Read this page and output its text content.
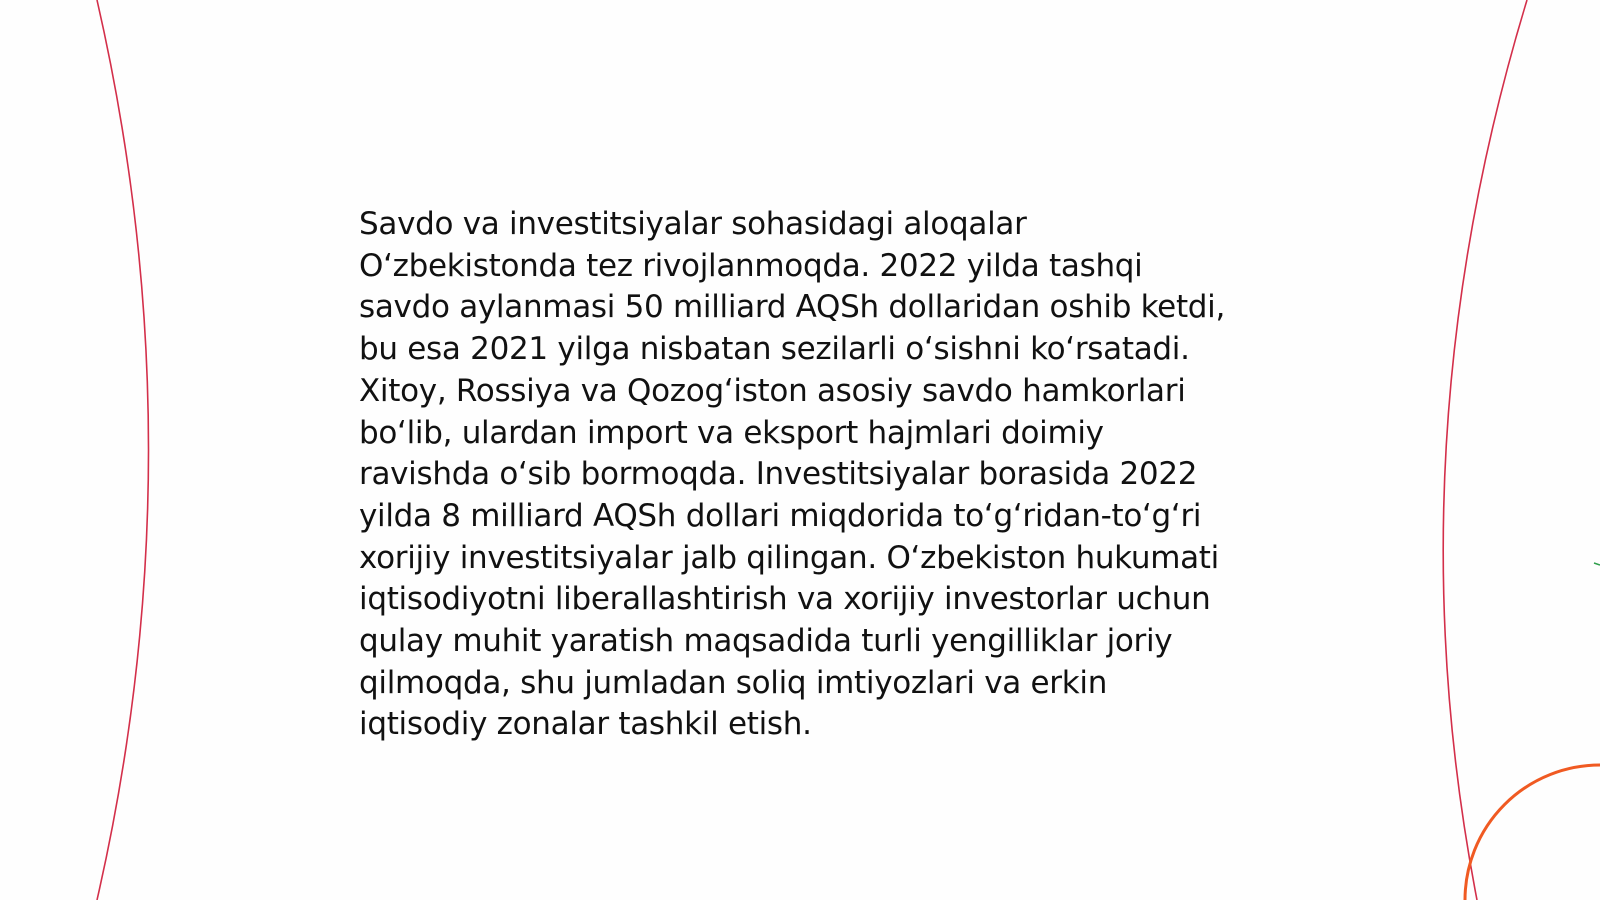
Savdo va investitsiyalar sohasidagi aloqalar O‘zbekistonda tez rivojlanmoqda. 2022 yilda tashqi savdo aylanmasi 50 milliard AQSh dollaridan oshib ketdi, bu esa 2021 yilga nisbatan sezilarli o‘sishni ko‘rsatadi. Xitoy, Rossiya va Qozog‘iston asosiy savdo hamkorlari bo‘lib, ulardan import va eksport hajmlari doimiy ravishda o‘sib bormoqda. Investitsiyalar borasida 2022 yilda 8 milliard AQSh dollari miqdorida to‘g‘ridan-to‘g‘ri xorijiy investitsiyalar jalb qilingan. O‘zbekiston hukumati iqtisodiyotni liberallashtirish va xorijiy investorlar uchun qulay muhit yaratish maqsadida turli yengilliklar joriy qilmoqda, shu jumladan soliq imtiyozlari va erkin iqtisodiy zonalar tashkil etish.
